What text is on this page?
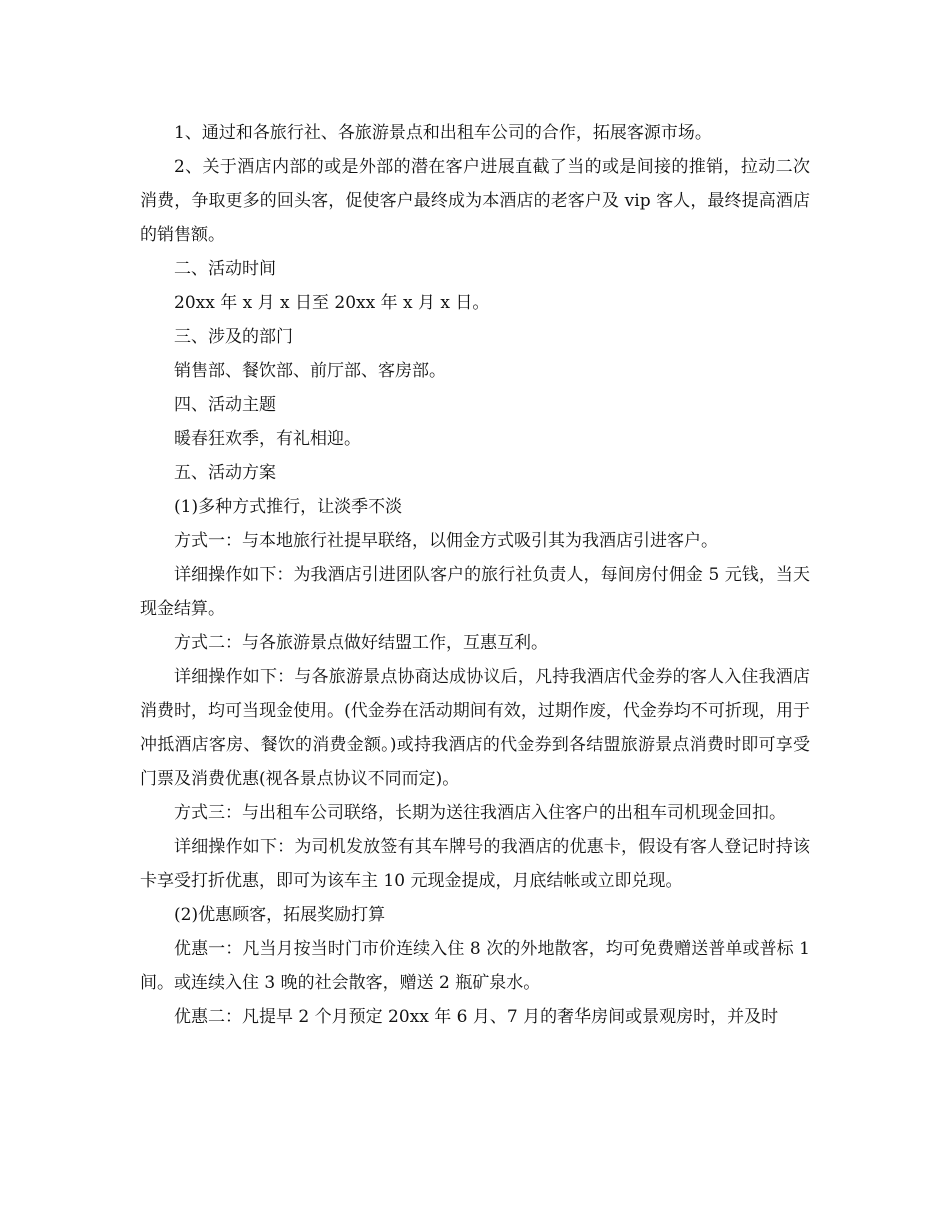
1、通过和各旅行社、各旅游景点和出租车公司的合作，拓展客源市场。

2、关于酒店内部的或是外部的潜在客户进展直截了当的或是间接的推销，拉动二次消费，争取更多的回头客，促使客户最终成为本酒店的老客户及 vip 客人，最终提高酒店的销售额。

二、活动时间

20xx 年 x 月 x 日至 20xx 年 x 月 x 日。

三、涉及的部门

销售部、餐饮部、前厅部、客房部。

四、活动主题

暖春狂欢季，有礼相迎。

五、活动方案

(1)多种方式推行，让淡季不淡

方式一：与本地旅行社提早联络，以佣金方式吸引其为我酒店引进客户。

详细操作如下：为我酒店引进团队客户的旅行社负责人，每间房付佣金 5 元钱，当天现金结算。

方式二：与各旅游景点做好结盟工作，互惠互利。

详细操作如下：与各旅游景点协商达成协议后，凡持我酒店代金券的客人入住我酒店消费时，均可当现金使用。(代金券在活动期间有效，过期作废，代金券均不可折现，用于冲抵酒店客房、餐饮的消费金额。)或持我酒店的代金券到各结盟旅游景点消费时即可享受门票及消费优惠(视各景点协议不同而定)。

方式三：与出租车公司联络，长期为送往我酒店入住客户的出租车司机现金回扣。

详细操作如下：为司机发放签有其车牌号的我酒店的优惠卡，假设有客人登记时持该卡享受打折优惠，即可为该车主 10 元现金提成，月底结帐或立即兑现。

(2)优惠顾客，拓展奖励打算

优惠一：凡当月按当时门市价连续入住 8 次的外地散客，均可免费赠送普单或普标 1 间。或连续入住 3 晚的社会散客，赠送 2 瓶矿泉水。

优惠二：凡提早 2 个月预定 20xx 年 6 月、7 月的奢华房间或景观房时，并及时
